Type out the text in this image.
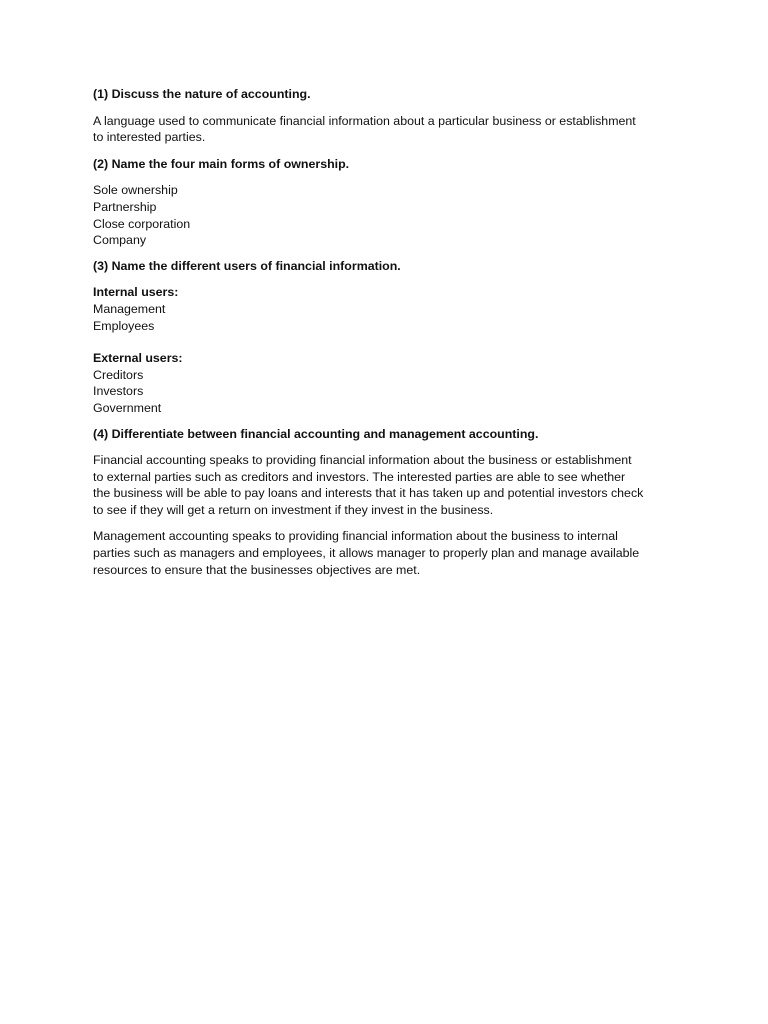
(1) Discuss the nature of accounting.
A language used to communicate financial information about a particular business or establishment
to interested parties.
(2) Name the four main forms of ownership.
Sole ownership
Partnership
Close corporation
Company
(3) Name the different users of financial information.
Internal users:
Management
Employees
External users:
Creditors
Investors
Government
(4) Differentiate between financial accounting and management accounting.
Financial accounting speaks to providing financial information about the business or establishment
to external parties such as creditors and investors. The interested parties are able to see whether
the business will be able to pay loans and interests that it has taken up and potential investors check
to see if they will get a return on investment if they invest in the business.
Management accounting speaks to providing financial information about the business to internal
parties such as managers and employees, it allows manager to properly plan and manage available
resources to ensure that the businesses objectives are met.
